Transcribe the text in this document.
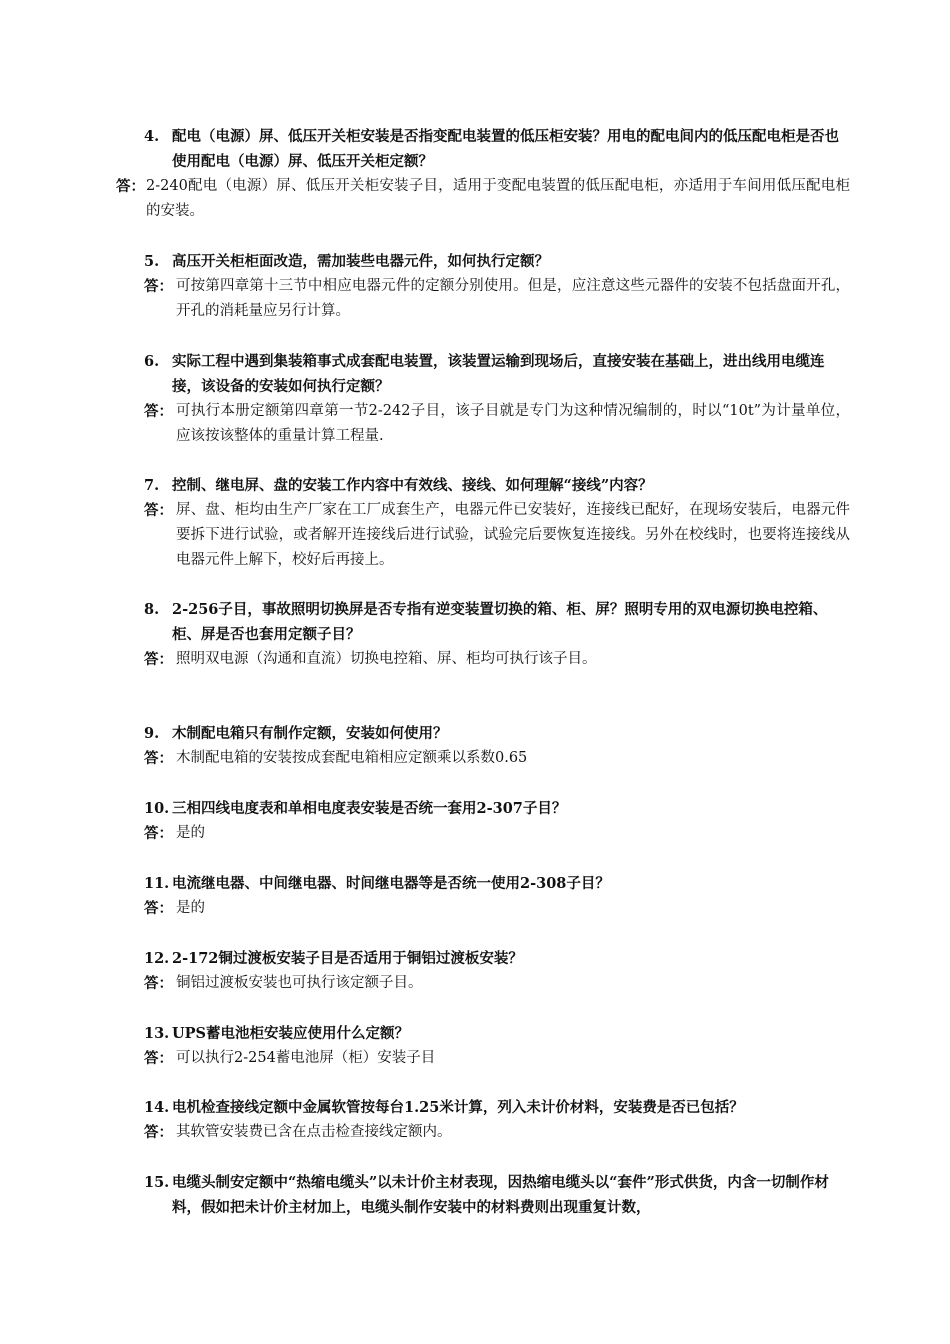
4. 配电（电源）屏、低压开关柜安装是否指变配电装置的低压柜安装？用电的配电间内的低压配电柜是否也使用配电（电源）屏、低压开关柜定额？
答： 2-240配电（电源）屏、低压开关柜安装子目，适用于变配电装置的低压配电柜，亦适用于车间用低压配电柜的安装。
5. 高压开关柜柜面改造，需加装些电器元件，如何执行定额？
答： 可按第四章第十三节中相应电器元件的定额分别使用。但是，应注意这些元器件的安装不包括盘面开孔，开孔的消耗量应另行计算。
6. 实际工程中遇到集装箱事式成套配电装置，该装置运输到现场后，直接安装在基础上，进出线用电缆连接，该设备的安装如何执行定额？
答： 可执行本册定额第四章第一节2-242子目，该子目就是专门为这种情况编制的，时以“10t”为计量单位，应该按该整体的重量计算工程量.
7. 控制、继电屏、盘的安装工作内容中有效线、接线、如何理解“接线”内容？
答： 屏、盘、柜均由生产厂家在工厂成套生产，电器元件已安装好，连接线已配好，在现场安装后，电器元件要拆下进行试验，或者解开连接线后进行试验，试验完后要恢复连接线。另外在校线时，也要将连接线从电器元件上解下，校好后再接上。
8. 2-256子目，事故照明切换屏是否专指有逆变装置切换的箱、柜、屏？照明专用的双电源切换电控箱、柜、屏是否也套用定额子目？
答： 照明双电源（沟通和直流）切换电控箱、屏、柜均可执行该子目。
9. 木制配电箱只有制作定额，安装如何使用？
答： 木制配电箱的安装按成套配电箱相应定额乘以系数0.65
10. 三相四线电度表和单相电度表安装是否统一套用2-307子目？
答： 是的
11. 电流继电器、中间继电器、时间继电器等是否统一使用2-308子目？
答： 是的
12. 2-172铜过渡板安装子目是否适用于铜铝过渡板安装？
答： 铜铝过渡板安装也可执行该定额子目。
13. UPS蓄电池柜安装应使用什么定额？
答： 可以执行2-254蓄电池屏（柜）安装子目
14. 电机检查接线定额中金属软管按每台1.25米计算，列入未计价材料，安装费是否已包括？
答： 其软管安装费已含在点击检查接线定额内。
15. 电缆头制安定额中“热缩电缆头”以未计价主材表现，因热缩电缆头以“套件”形式供货，内含一切制作材料，假如把未计价主材加上，电缆头制作安装中的材料费则出现重复计数，
